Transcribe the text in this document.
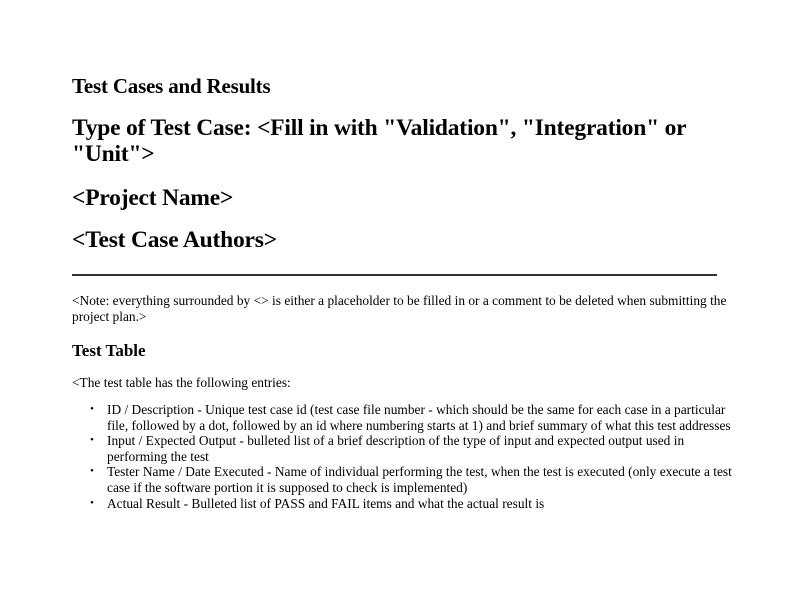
Test Cases and Results
Type of Test Case: <Fill in with "Validation", "Integration" or "Unit">
<Project Name>
<Test Case Authors>
<Note: everything surrounded by <> is either a placeholder to be filled in or a comment to be deleted when submitting the project plan.>
Test Table
<The test table has the following entries:
• ID / Description - Unique test case id (test case file number - which should be the same for each case in a particular file, followed by a dot, followed by an id where numbering starts at 1) and brief summary of what this test addresses
• Input / Expected Output - bulleted list of a brief description of the type of input and expected output used in performing the test
• Tester Name / Date Executed - Name of individual performing the test, when the test is executed (only execute a test case if the software portion it is supposed to check is implemented)
• Actual Result - Bulleted list of PASS and FAIL items and what the actual result is
